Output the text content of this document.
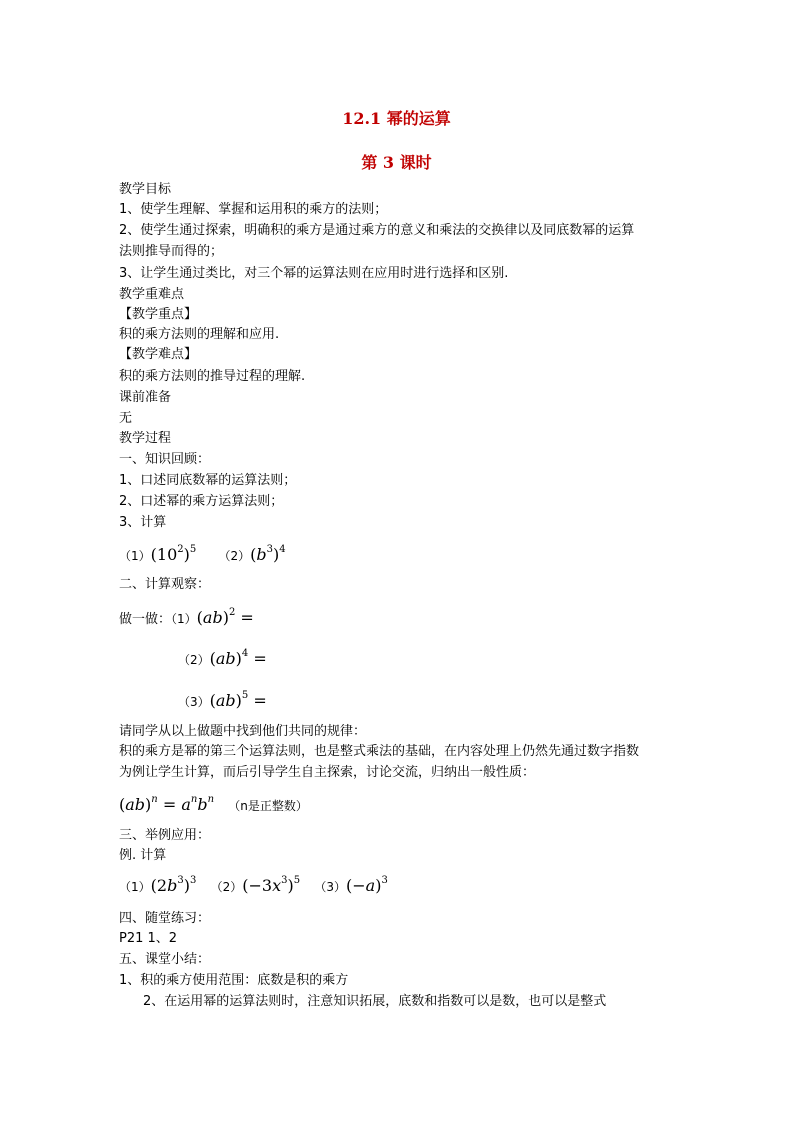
12.1 幂的运算
第 3 课时
教学目标
1、使学生理解、掌握和运用积的乘方的法则；
2、使学生通过探索，明确积的乘方是通过乘方的意义和乘法的交换律以及同底数幂的运算
法则推导而得的；
3、让学生通过类比，对三个幂的运算法则在应用时进行选择和区别.
教学重难点
【教学重点】
积的乘方法则的理解和应用.
【教学难点】
积的乘方法则的推导过程的理解.
课前准备
无
教学过程
一、知识回顾：
1、口述同底数幂的运算法则；
2、口述幂的乘方运算法则；
3、计算
$(1)(10^2)^5$ $(2)(b^3)^4$
二、计算观察：
做一做：（1）(ab)$^2$ =
（2）(ab)$^4$ =
（3）(ab)$^5$ =
请同学从以上做题中找到他们共同的规律：
积的乘方是幂的第三个运算法则，也是整式乘法的基础，在内容处理上仍然先通过数字指数
为例让学生计算，而后引导学生自主探索，讨论交流，归纳出一般性质：
$(ab)^n = a^nb^n$ （n是正整数）
三、举例应用：
例. 计算
$(1)(2b^3)^3$ $(2)(-3x^3)^5$ $(3)(-a)^3$
四、随堂练习：
P21 1、2
五、课堂小结：
1、积的乘方使用范围：底数是积的乘方
2、在运用幂的运算法则时，注意知识拓展，底数和指数可以是数，也可以是整式
